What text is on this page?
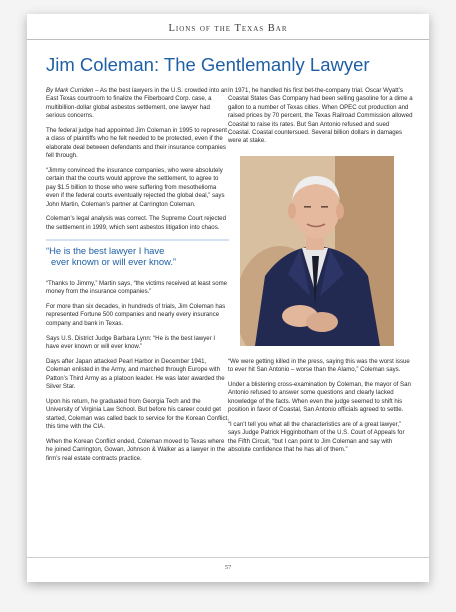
Lions of the Texas Bar
Jim Coleman: The Gentlemanly Lawyer

By Mark Curriden – As the best lawyers in the U.S. crowded into an East Texas courtroom to finalize the Fiberboard Corp. case, a multibillion-dollar global asbestos settlement, one lawyer had serious concerns.

The federal judge had appointed Jim Coleman in 1995 to represent a class of plaintiffs who he felt needed to be protected, even if the elaborate deal between defendants and their insurance companies fell through.

“Jimmy convinced the insurance companies, who were absolutely certain that the courts would approve the settlement, to agree to pay $1.5 billion to those who were suffering from mesothelioma even if the federal courts eventually rejected the global deal,” says John Martin, Coleman’s partner at Carrington Coleman.

Coleman’s legal analysis was correct. The Supreme Court rejected the settlement in 1999, which sent asbestos litigation into chaos.

“He is the best lawyer I have
ever known or will ever know.”

“Thanks to Jimmy,” Martin says, “the victims received at least some money from the insurance companies.”

For more than six decades, in hundreds of trials, Jim Coleman has represented Fortune 500 companies and nearly every insurance company and bank in Texas.

Says U.S. District Judge Barbara Lynn: “He is the best lawyer I have ever known or will ever know.”

Days after Japan attacked Pearl Harbor in December 1941, Coleman enlisted in the Army, and marched through Europe with Patton’s Third Army as a platoon leader. He was later awarded the Silver Star.

Upon his return, he graduated from Georgia Tech and the University of Virginia Law School. But before his career could get started, Coleman was called back to service for the Korean Conflict, this time with the CIA.

When the Korean Conflict ended, Coleman moved to Texas where he joined Carrington, Gowan, Johnson & Walker as a lawyer in the firm’s real estate contracts practice.

In 1971, he handled his first bet-the-company trial. Oscar Wyatt’s Coastal States Gas Company had been selling gasoline for a dime a gallon to a number of Texas cities. When OPEC cut production and raised prices by 70 percent, the Texas Railroad Commission allowed Coastal to raise its rates. But San Antonio refused and sued Coastal. Coastal countersued. Several billion dollars in damages were at stake.

“We were getting killed in the press, saying this was the worst issue to ever hit San Antonio – worse than the Alamo,” Coleman says.

Under a blistering cross-examination by Coleman, the mayor of San Antonio refused to answer some questions and clearly lacked knowledge of the facts. When even the judge seemed to shift his position in favor of Coastal, San Antonio officials agreed to settle.

“I can’t tell you what all the characteristics are of a great lawyer,” says Judge Patrick Higginbotham of the U.S. Court of Appeals for the Fifth Circuit, “but I can point to Jim Coleman and say with absolute confidence that he has all of them.”

57
